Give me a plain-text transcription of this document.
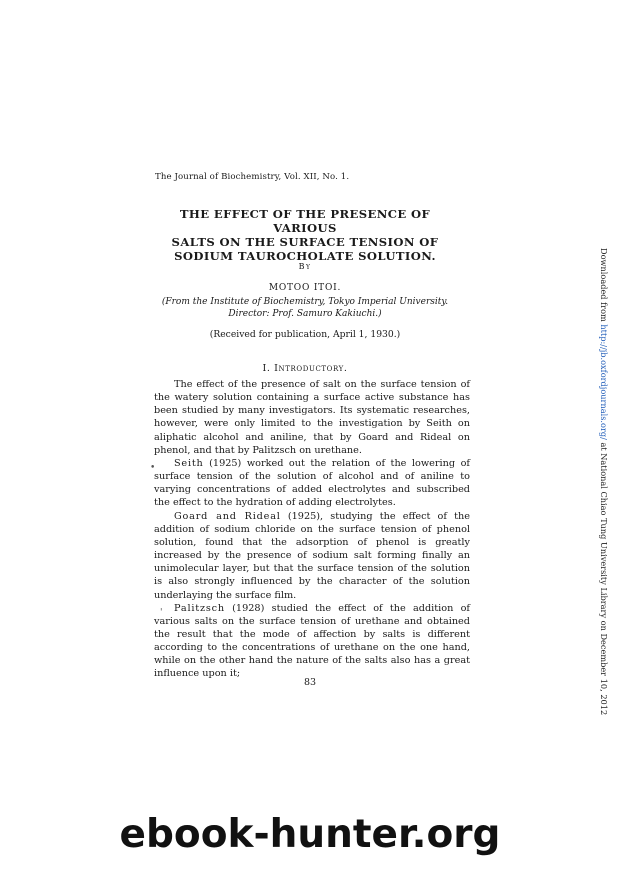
The Journal of Biochemistry, Vol. XII, No. 1.
THE EFFECT OF THE PRESENCE OF VARIOUS
SALTS ON THE SURFACE TENSION OF
SODIUM TAUROCHOLATE SOLUTION.
By
MOTOO ITOI.
(From the Institute of Biochemistry, Tokyo Imperial University.
Director: Prof. Samuro Kakiuchi.)
(Received for publication, April 1, 1930.)
I. Introductory.

The effect of the presence of salt on the surface tension of the watery solution containing a surface active substance has been studied by many investigators. Its systematic researches, however, were only limited to the investigation by Seith on aliphatic alcohol and aniline, that by Goard and Rideal on phenol, and that by Palitzsch on urethane.

Seith (1925) worked out the relation of the lowering of surface tension of the solution of alcohol and of aniline to varying concentrations of added electrolytes and subscribed the effect to the hydration of adding electrolytes.

Goard and Rideal (1925), studying the effect of the addition of sodium chloride on the surface tension of phenol solution, found that the adsorption of phenol is greatly increased by the presence of sodium salt forming finally an unimolecular layer, but that the surface tension of the solution is also strongly influenced by the character of the solution underlaying the surface film.

Palitzsch (1928) studied the effect of the addition of various salts on the surface tension of urethane and obtained the result that the mode of affection by salts is different according to the concentrations of urethane on the one hand, while on the other hand the nature of the salts also has a great influence upon it;

83
Downloaded from http://jb.oxfordjournals.org/ at National Chiao Tung University Library on December 10, 2012
•
'
ebook-hunter.org
